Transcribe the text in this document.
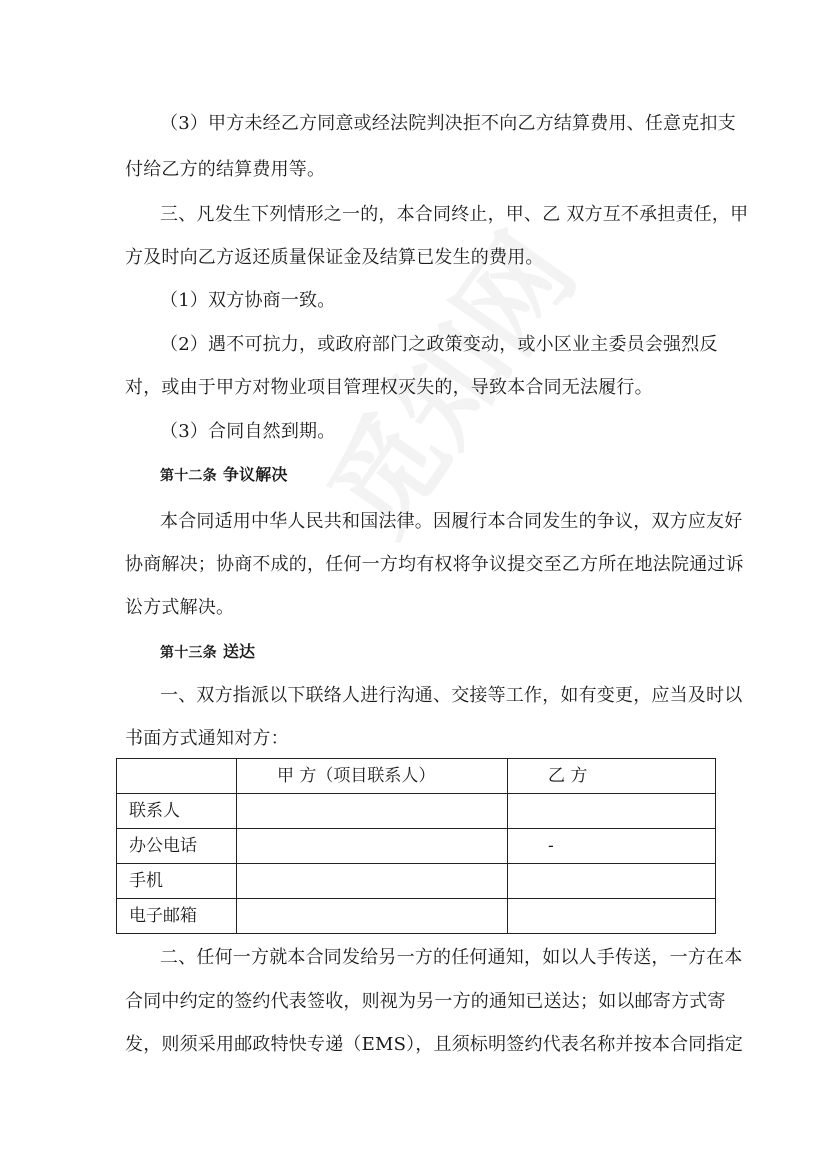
（3）甲方未经乙方同意或经法院判决拒不向乙方结算费用、任意克扣支
付给乙方的结算费用等。
三、凡发生下列情形之一的，本合同终止，甲、乙 双方互不承担责任，甲
方及时向乙方返还质量保证金及结算已发生的费用。
（1）双方协商一致。
（2）遇不可抗力，或政府部门之政策变动，或小区业主委员会强烈反
对，或由于甲方对物业项目管理权灭失的，导致本合同无法履行。
（3）合同自然到期。
第十二条 争议解决
本合同适用中华人民共和国法律。因履行本合同发生的争议，双方应友好
协商解决；协商不成的，任何一方均有权将争议提交至乙方所在地法院通过诉
讼方式解决。
第十三条 送达
一、双方指派以下联络人进行沟通、交接等工作，如有变更，应当及时以
书面方式通知对方：
	甲 方（项目联系人）	乙 方
联系人		
办公电话		-
手机		
电子邮箱		
二、任何一方就本合同发给另一方的任何通知，如以人手传送，一方在本
合同中约定的签约代表签收，则视为另一方的通知已送达；如以邮寄方式寄
发，则须采用邮政特快专递（EMS），且须标明签约代表名称并按本合同指定
